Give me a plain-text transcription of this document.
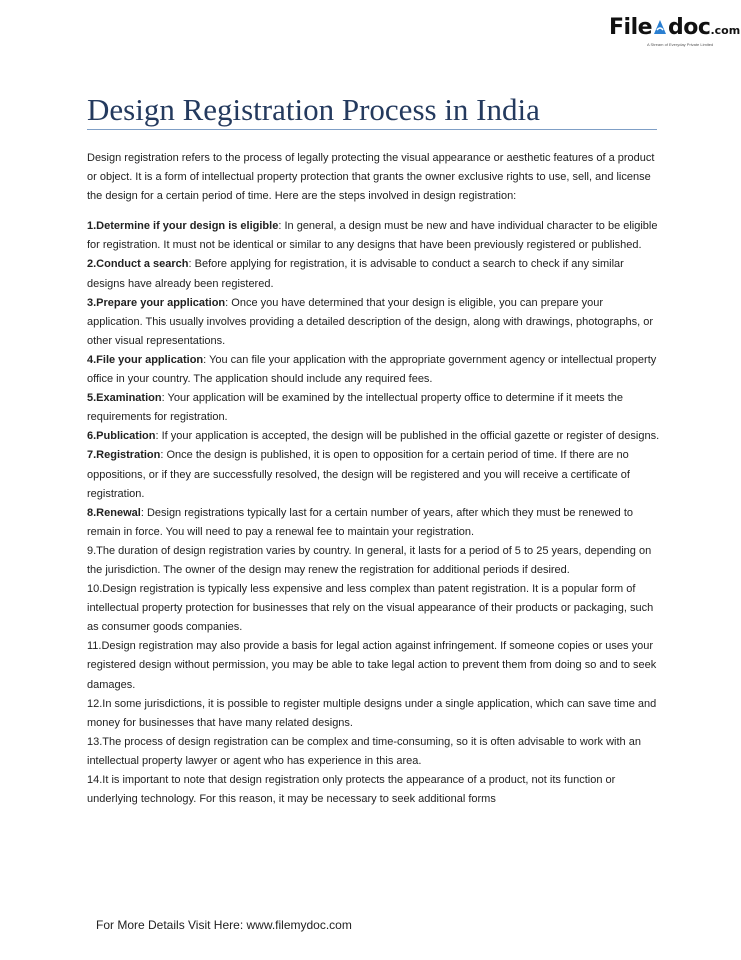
File doc.com
A Stream of Everyday Private Limited
Design Registration Process in India

Design registration refers to the process of legally protecting the visual appearance or aesthetic features of a product or object. It is a form of intellectual property protection that grants the owner exclusive rights to use, sell, and license the design for a certain period of time. Here are the steps involved in design registration:

1.Determine if your design is eligible: In general, a design must be new and have individual character to be eligible for registration. It must not be identical or similar to any designs that have been previously registered or published.

2.Conduct a search: Before applying for registration, it is advisable to conduct a search to check if any similar designs have already been registered.

3.Prepare your application: Once you have determined that your design is eligible, you can prepare your application. This usually involves providing a detailed description of the design, along with drawings, photographs, or other visual representations.

4.File your application: You can file your application with the appropriate government agency or intellectual property office in your country. The application should include any required fees.

5.Examination: Your application will be examined by the intellectual property office to determine if it meets the requirements for registration.

6.Publication: If your application is accepted, the design will be published in the official gazette or register of designs.

7.Registration: Once the design is published, it is open to opposition for a certain period of time. If there are no oppositions, or if they are successfully resolved, the design will be registered and you will receive a certificate of registration.

8.Renewal: Design registrations typically last for a certain number of years, after which they must be renewed to remain in force. You will need to pay a renewal fee to maintain your registration.

9.The duration of design registration varies by country. In general, it lasts for a period of 5 to 25 years, depending on the jurisdiction. The owner of the design may renew the registration for additional periods if desired.

10.Design registration is typically less expensive and less complex than patent registration. It is a popular form of intellectual property protection for businesses that rely on the visual appearance of their products or packaging, such as consumer goods companies.

11.Design registration may also provide a basis for legal action against infringement. If someone copies or uses your registered design without permission, you may be able to take legal action to prevent them from doing so and to seek damages.

12.In some jurisdictions, it is possible to register multiple designs under a single application, which can save time and money for businesses that have many related designs.

13.The process of design registration can be complex and time-consuming, so it is often advisable to work with an intellectual property lawyer or agent who has experience in this area.

14.It is important to note that design registration only protects the appearance of a product, not its function or underlying technology. For this reason, it may be necessary to seek additional forms

For More Details Visit Here: www.filemydoc.com
